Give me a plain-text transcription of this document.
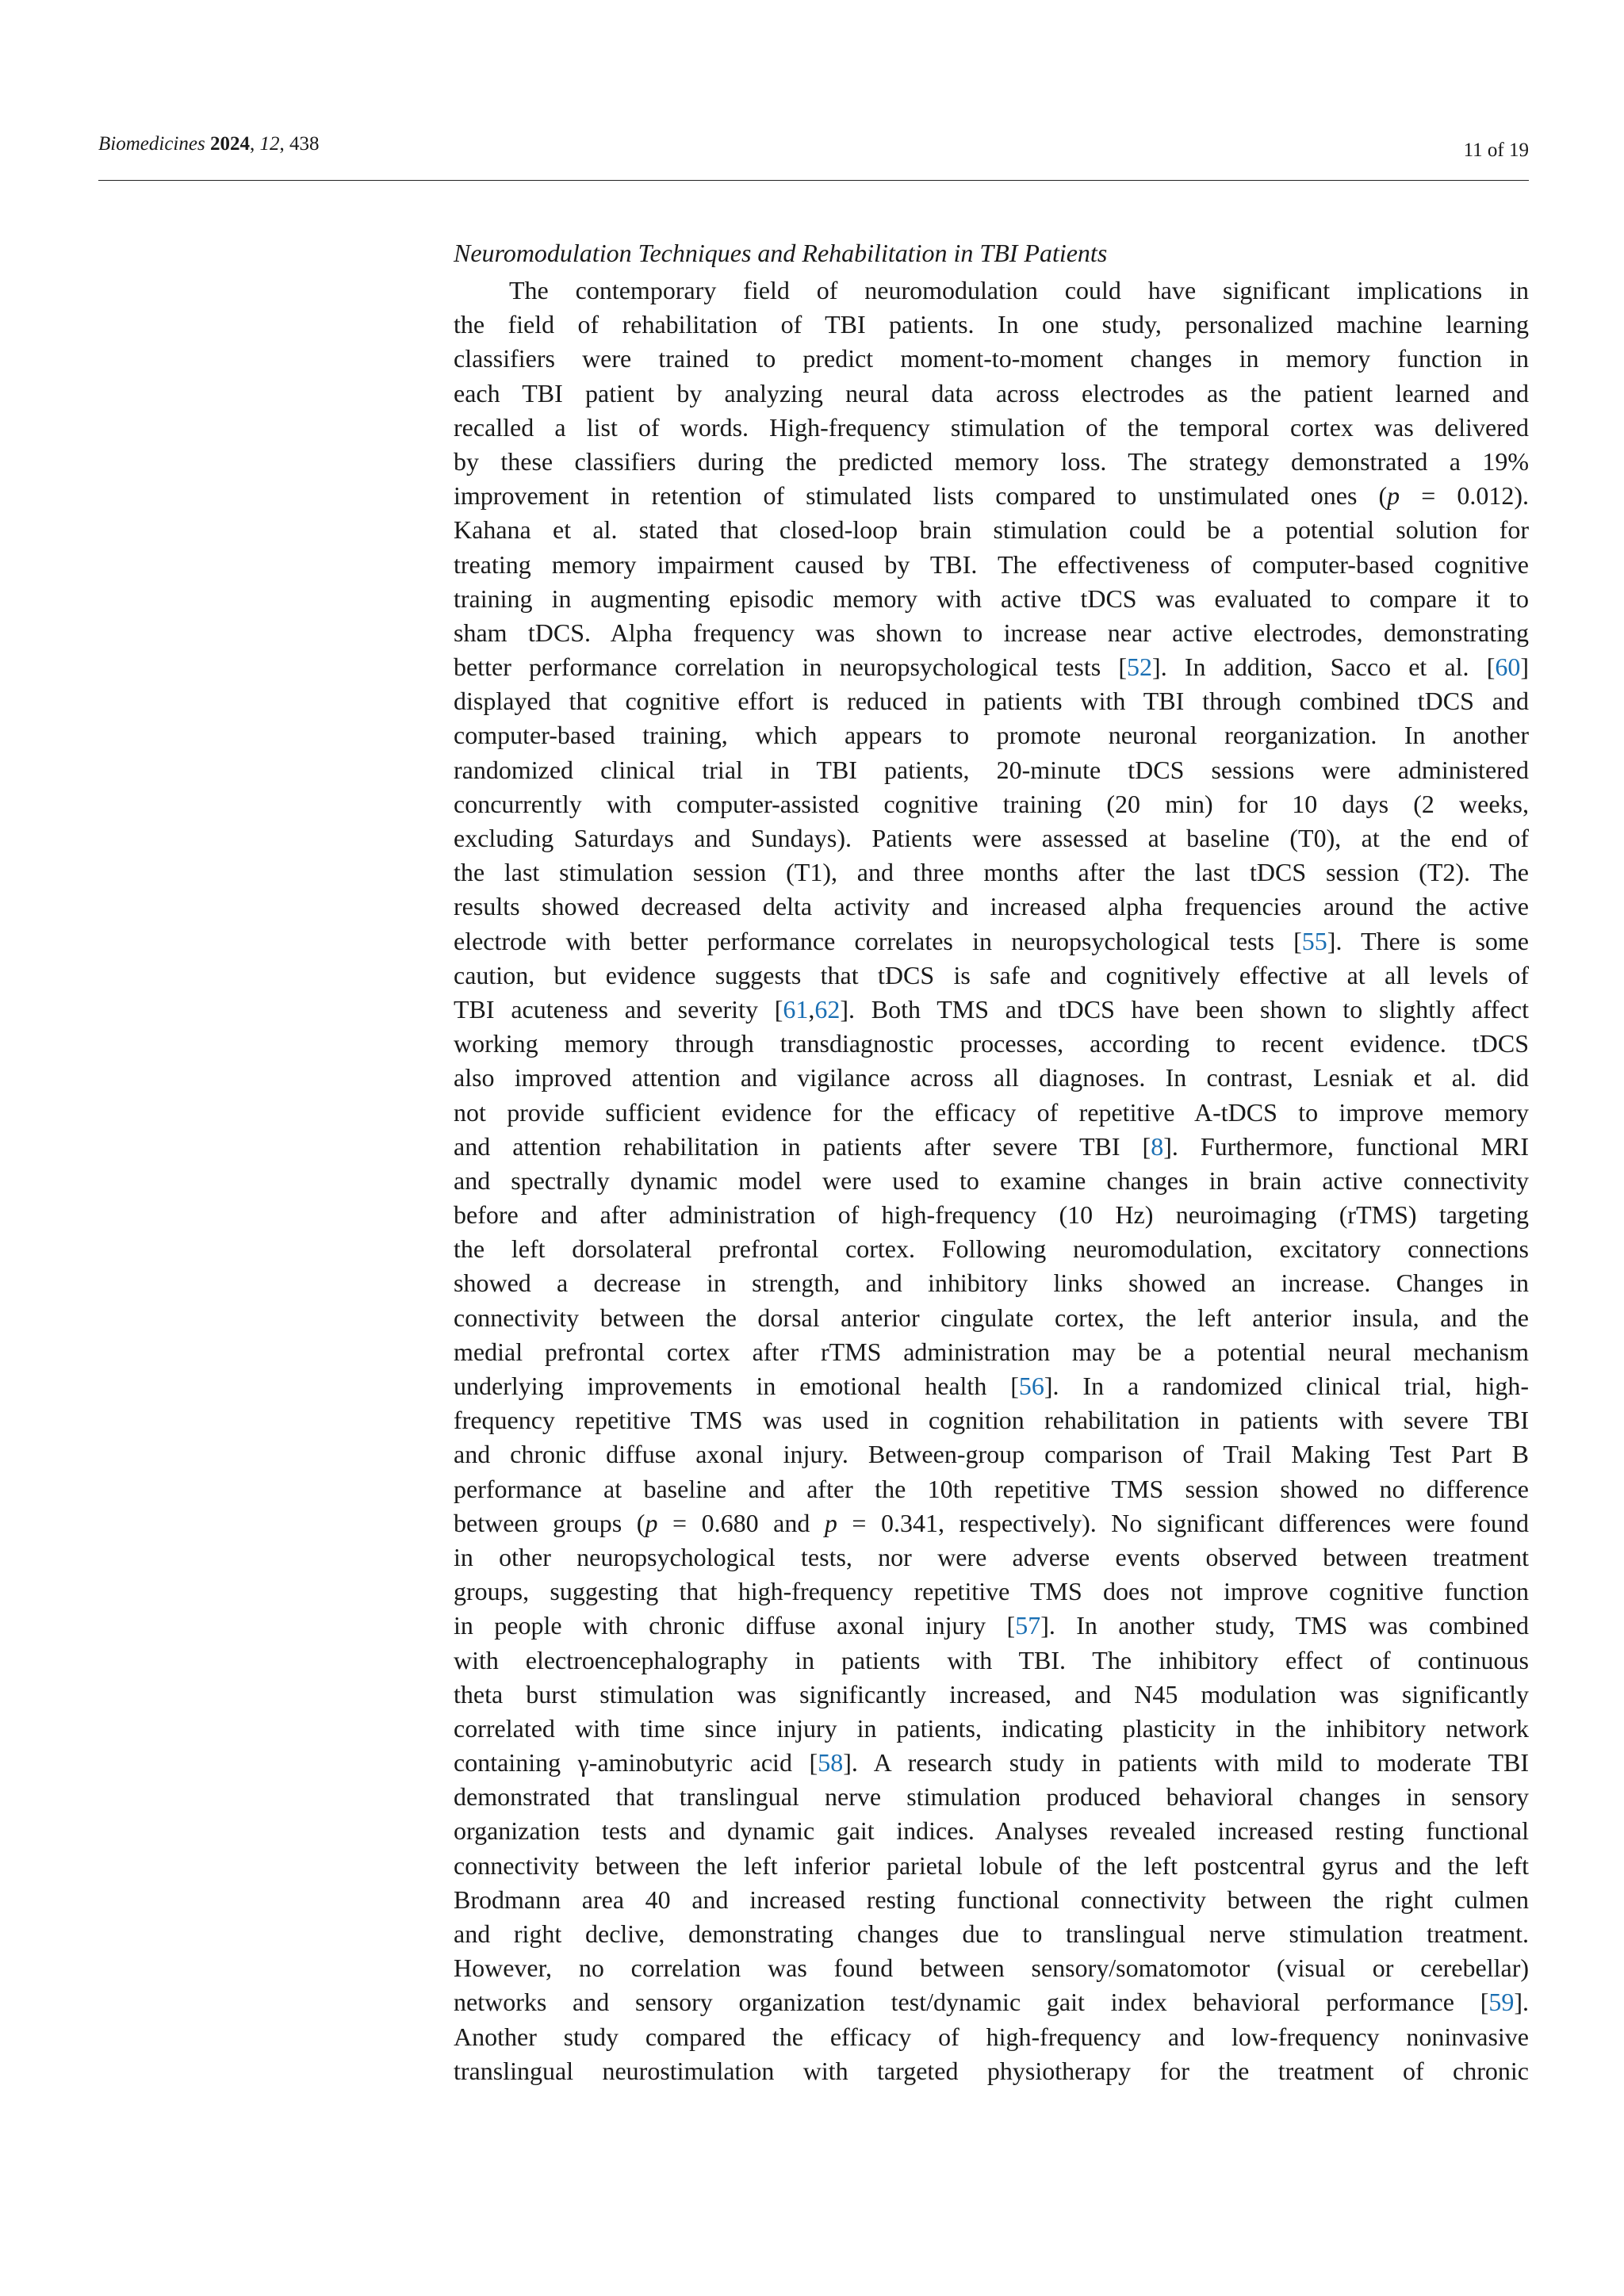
Biomedicines 2024, 12, 438	11 of 19
Neuromodulation Techniques and Rehabilitation in TBI Patients
The contemporary field of neuromodulation could have significant implications in
the field of rehabilitation of TBI patients. In one study, personalized machine learning
classifiers were trained to predict moment-to-moment changes in memory function in
each TBI patient by analyzing neural data across electrodes as the patient learned and
recalled a list of words. High-frequency stimulation of the temporal cortex was delivered
by these classifiers during the predicted memory loss. The strategy demonstrated a 19%
improvement in retention of stimulated lists compared to unstimulated ones (p = 0.012).
Kahana et al. stated that closed-loop brain stimulation could be a potential solution for
treating memory impairment caused by TBI. The effectiveness of computer-based cognitive
training in augmenting episodic memory with active tDCS was evaluated to compare it to
sham tDCS. Alpha frequency was shown to increase near active electrodes, demonstrating
better performance correlation in neuropsychological tests [52]. In addition, Sacco et al. [60]
displayed that cognitive effort is reduced in patients with TBI through combined tDCS and
computer-based training, which appears to promote neuronal reorganization. In another
randomized clinical trial in TBI patients, 20-minute tDCS sessions were administered
concurrently with computer-assisted cognitive training (20 min) for 10 days (2 weeks,
excluding Saturdays and Sundays). Patients were assessed at baseline (T0), at the end of
the last stimulation session (T1), and three months after the last tDCS session (T2). The
results showed decreased delta activity and increased alpha frequencies around the active
electrode with better performance correlates in neuropsychological tests [55]. There is some
caution, but evidence suggests that tDCS is safe and cognitively effective at all levels of
TBI acuteness and severity [61,62]. Both TMS and tDCS have been shown to slightly affect
working memory through transdiagnostic processes, according to recent evidence. tDCS
also improved attention and vigilance across all diagnoses. In contrast, Lesniak et al. did
not provide sufficient evidence for the efficacy of repetitive A-tDCS to improve memory
and attention rehabilitation in patients after severe TBI [8]. Furthermore, functional MRI
and spectrally dynamic model were used to examine changes in brain active connectivity
before and after administration of high-frequency (10 Hz) neuroimaging (rTMS) targeting
the left dorsolateral prefrontal cortex. Following neuromodulation, excitatory connections
showed a decrease in strength, and inhibitory links showed an increase. Changes in
connectivity between the dorsal anterior cingulate cortex, the left anterior insula, and the
medial prefrontal cortex after rTMS administration may be a potential neural mechanism
underlying improvements in emotional health [56]. In a randomized clinical trial, high-
frequency repetitive TMS was used in cognition rehabilitation in patients with severe TBI
and chronic diffuse axonal injury. Between-group comparison of Trail Making Test Part B
performance at baseline and after the 10th repetitive TMS session showed no difference
between groups (p = 0.680 and p = 0.341, respectively). No significant differences were found
in other neuropsychological tests, nor were adverse events observed between treatment
groups, suggesting that high-frequency repetitive TMS does not improve cognitive function
in people with chronic diffuse axonal injury [57]. In another study, TMS was combined
with electroencephalography in patients with TBI. The inhibitory effect of continuous
theta burst stimulation was significantly increased, and N45 modulation was significantly
correlated with time since injury in patients, indicating plasticity in the inhibitory network
containing γ-aminobutyric acid [58]. A research study in patients with mild to moderate TBI
demonstrated that translingual nerve stimulation produced behavioral changes in sensory
organization tests and dynamic gait indices. Analyses revealed increased resting functional
connectivity between the left inferior parietal lobule of the left postcentral gyrus and the left
Brodmann area 40 and increased resting functional connectivity between the right culmen
and right declive, demonstrating changes due to translingual nerve stimulation treatment.
However, no correlation was found between sensory/somatomotor (visual or cerebellar)
networks and sensory organization test/dynamic gait index behavioral performance [59].
Another study compared the efficacy of high-frequency and low-frequency noninvasive
translingual neurostimulation with targeted physiotherapy for the treatment of chronic
